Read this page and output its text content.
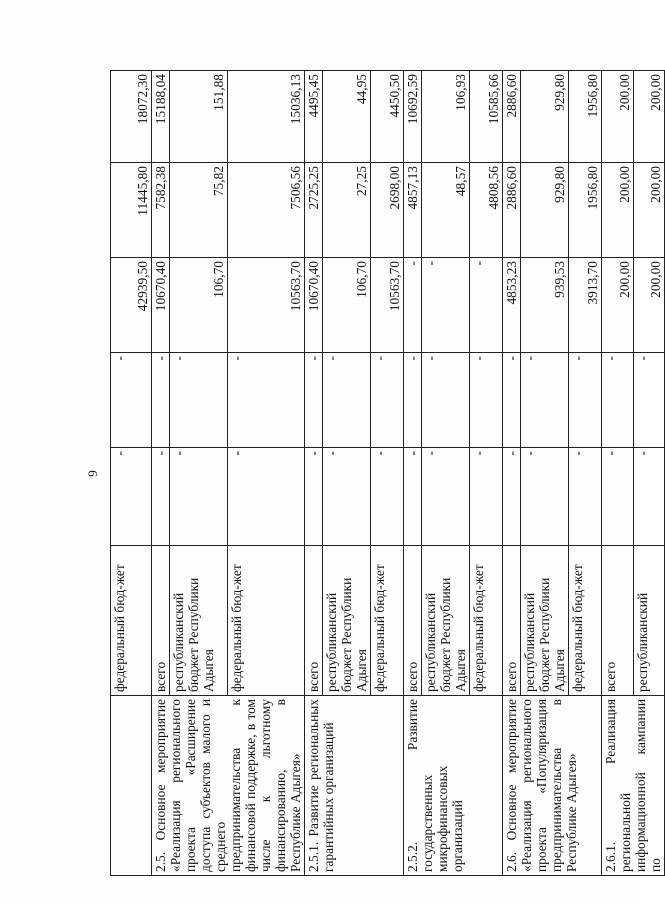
9
	федеральный бюд-жет	-	-	42939,50	11445,80	18072,30
2.5. Основное мероприятие «Реализация регионального проекта «Расширение доступа субъектов малого и среднего предпринимательства к финансовой поддержке, в том числе к льготному финансированию, в Республике Адыгея»	всего	-	-	10670,40	7582,38	15188,04
	республиканский бюджет Республики Адыгея	-	-	106,70	75,82	151,88
	федеральный бюд-жет	-	-	10563,70	7506,56	15036,13
2.5.1. Развитие региональных гарантийных организаций	всего	-	-	10670,40	2725,25	4495,45
	республиканский бюджет Республики Адыгея	-	-	106,70	27,25	44,95
	федеральный бюд-жет	-	-	10563,70	2698,00	4450,50
2.5.2. Развитие государственных микрофинансовых организаций	всего	-	-	-	4857,13	10692,59
	республиканский бюджет Республики Адыгея	-	-	-	48,57	106,93
	федеральный бюд-жет	-	-	-	4808,56	10585,66
2.6. Основное мероприятие «Реализация регионального проекта «Популяризация предпринимательства в Республике Адыгея»	всего	-	-	4853,23	2886,60	2886,60
	республиканский бюджет Республики Адыгея	-	-	939,53	929,80	929,80
	федеральный бюд-жет	-	-	3913,70	1956,80	1956,80
2.6.1. Реализация региональной информационной кампании по	всего	-	-	200,00	200,00	200,00
	республиканский	-	-	200,00	200,00	200,00
